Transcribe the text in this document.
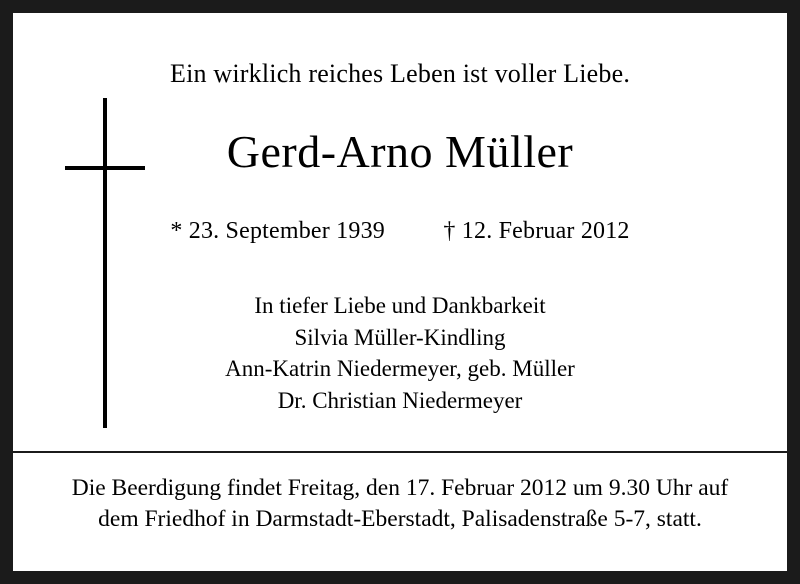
Ein wirklich reiches Leben ist voller Liebe.
Gerd-Arno Müller
* 23. September 1939 † 12. Februar 2012
In tiefer Liebe und Dankbarkeit
Silvia Müller-Kindling
Ann-Katrin Niedermeyer, geb. Müller
Dr. Christian Niedermeyer
Die Beerdigung findet Freitag, den 17. Februar 2012 um 9.30 Uhr auf
dem Friedhof in Darmstadt-Eberstadt, Palisadenstraße 5-7, statt.
